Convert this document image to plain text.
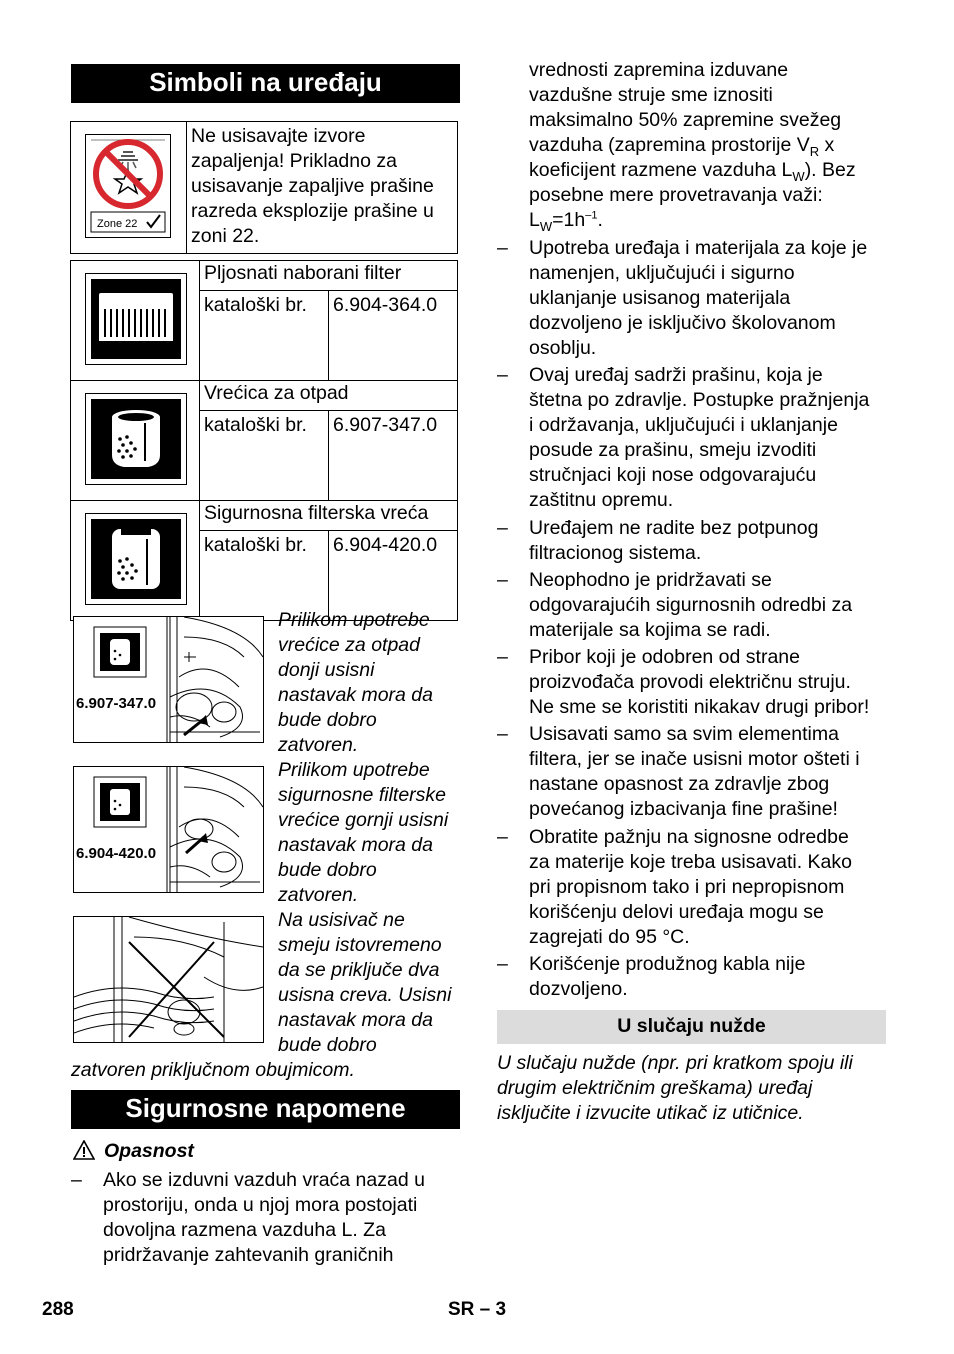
Simboli na uređaju
Zone 22
	Ne usisavajte izvore zapaljenja! Prikladno za usisavanje zapaljive prašine razreda eksplozije prašine u zoni 22.
	Pljosnati naborani filter	
	kataloški br.	6.904-364.0

	Vrećica za otpad	
	kataloški br.	6.907-347.0

	Sigurnosna filterska vreća	
	kataloški br.	6.904-420.0
6.907-347.0
6.904-420.0
Prilikom upotrebe
vrećice za otpad
donji usisni
nastavak mora da
bude dobro
zatvoren.
Prilikom upotrebe
sigurnosne filterske
vrećice gornji usisni
nastavak mora da
bude dobro
zatvoren.
Na usisivač ne
smeju istovremeno
da se priključe dva
usisna creva. Usisni
nastavak mora da
bude dobro
zatvoren priključnom obujmicom.
Sigurnosne napomene
Opasnost
– Ako se izduvni vazduh vraća nazad u
prostoriju, onda u njoj mora postojati
dovoljna razmena vazduha L. Za
pridržavanje zahtevanih graničnih
vrednosti zapremina izduvane
vazdušne struje sme iznositi
maksimalno 50% zapremine svežeg
vazduha (zapremina prostorije $V_R$ x
koeficijent razmene vazduha $L_W$). Bez
posebne mere provetravanja važi:
$L_W=1h^{-1}$.
– Upotreba uređaja i materijala za koje je
namenjen, uključujući i sigurno
uklanjanje usisanog materijala
dozvoljeno je isključivo školovanom
osoblju.
– Ovaj uređaj sadrži prašinu, koja je
štetna po zdravlje. Postupke pražnjenja
i održavanja, uključujući i uklanjanje
posude za prašinu, smeju izvoditi
stručnjaci koji nose odgovarajuću
zaštitnu opremu.
– Uređajem ne radite bez potpunog
filtracionog sistema.
– Neophodno je pridržavati se
odgovarajućih sigurnosnih odredbi za
materijale sa kojima se radi.
– Pribor koji je odobren od strane
proizvođača provodi električnu struju.
Ne sme se koristiti nikakav drugi pribor!
– Usisavati samo sa svim elementima
filtera, jer se inače usisni motor ošteti i
nastane opasnost za zdravlje zbog
povećanog izbacivanja fine prašine!
– Obratite pažnju na signosne odredbe
za materije koje treba usisavati. Kako
pri propisnom tako i pri nepropisnom
korišćenju delovi uređaja mogu se
zagrejati do 95 °C.
– Korišćenje produžnog kabla nije
dozvoljeno.
U slučaju nužde
U slučaju nužde (npr. pri kratkom spoju ili
drugim električnim greškama) uređaj
isključite i izvucite utikač iz utičnice.
288	SR – 3
